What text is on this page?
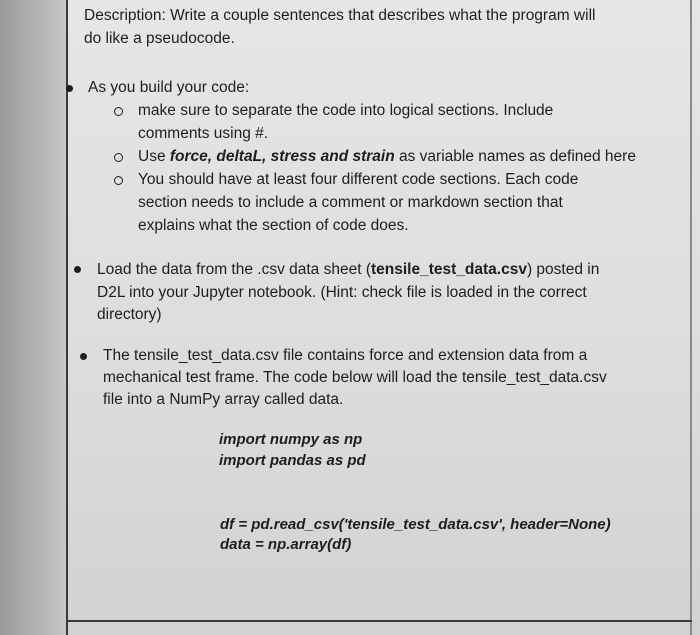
Description: Write a couple sentences that describes what the program will
do like a pseudocode.
As you build your code:
make sure to separate the code into logical sections. Include
comments using #.
Use force, deltaL, stress and strain as variable names as defined here
You should have at least four different code sections. Each code
section needs to include a comment or markdown section that
explains what the section of code does.
Load the data from the .csv data sheet (tensile_test_data.csv) posted in
D2L into your Jupyter notebook. (Hint: check file is loaded in the correct
directory)
The tensile_test_data.csv file contains force and extension data from a
mechanical test frame. The code below will load the tensile_test_data.csv
file into a NumPy array called data.
import numpy as np
import pandas as pd
df = pd.read_csv('tensile_test_data.csv', header=None)
data = np.array(df)
